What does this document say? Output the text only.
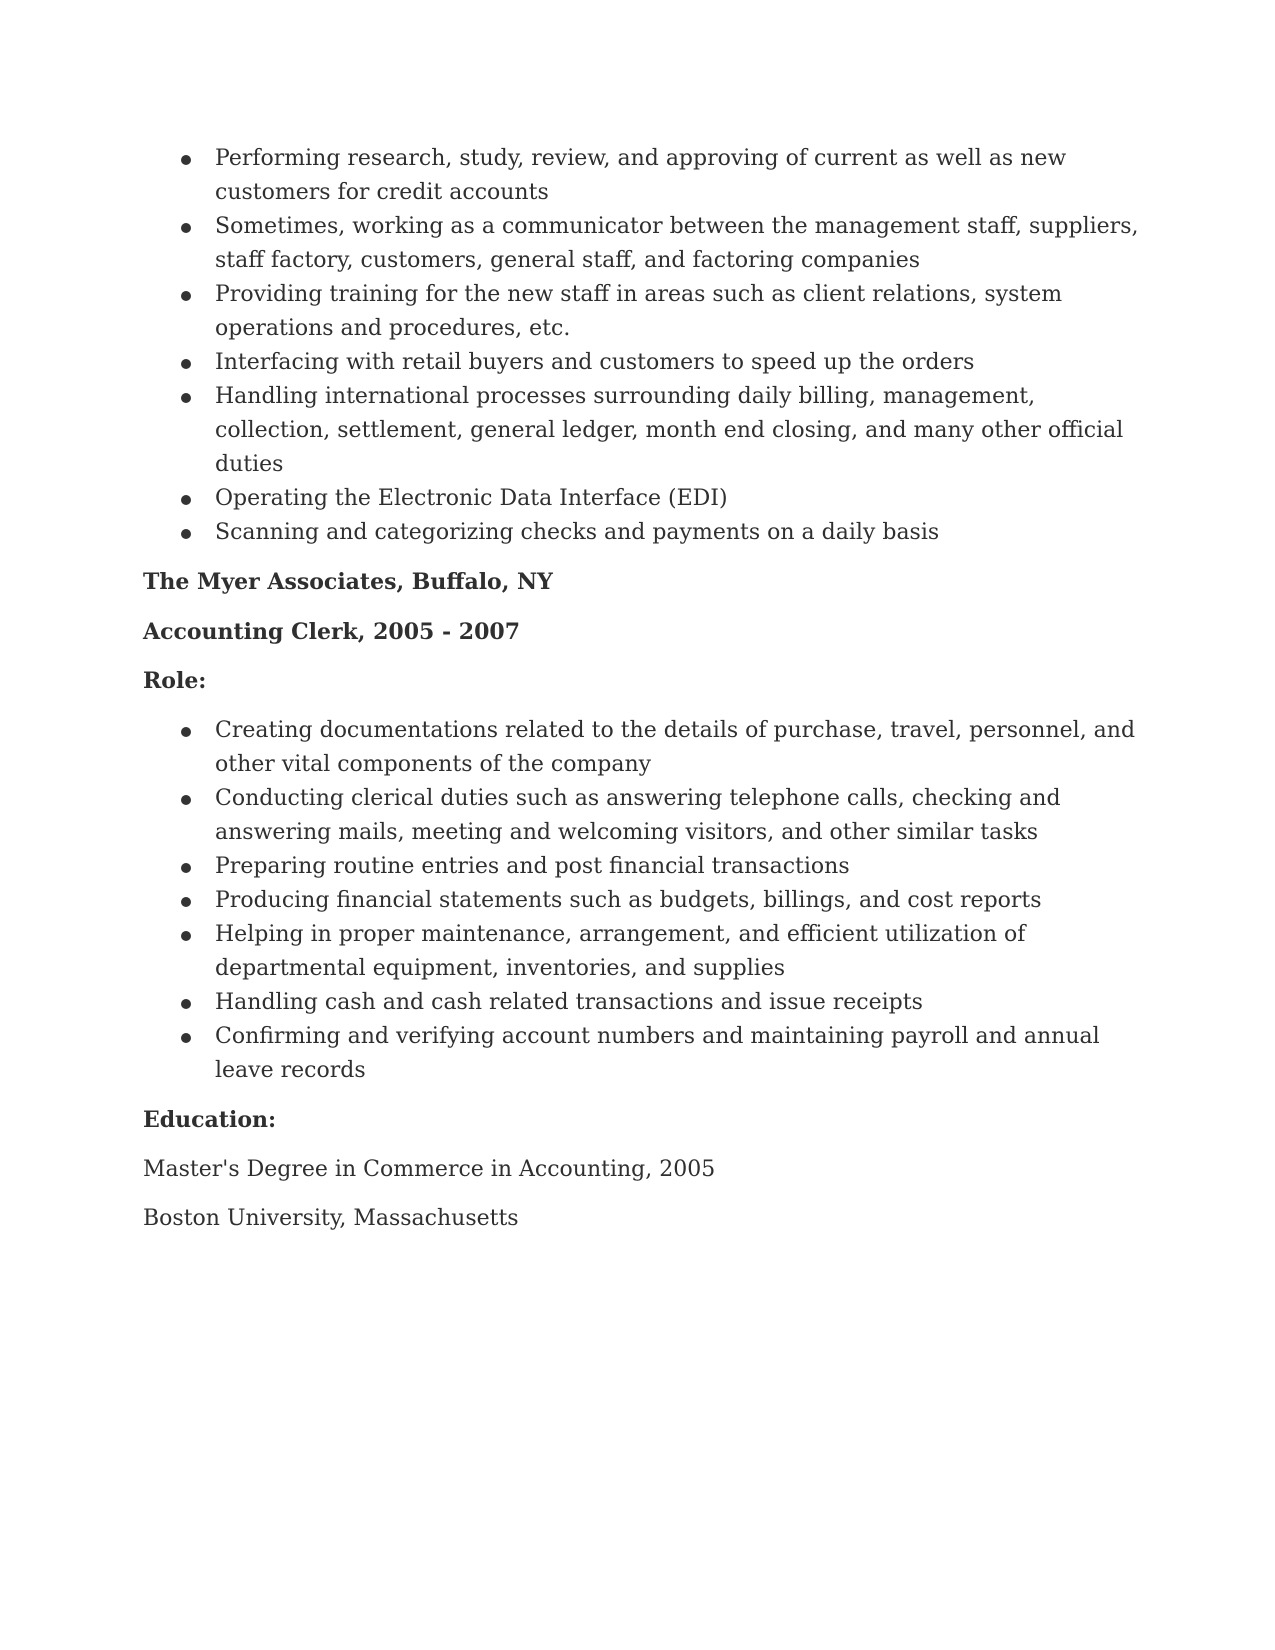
Performing research, study, review, and approving of current as well as new customers for credit accounts
Sometimes, working as a communicator between the management staff, suppliers, staff factory, customers, general staff, and factoring companies
Providing training for the new staff in areas such as client relations, system operations and procedures, etc.
Interfacing with retail buyers and customers to speed up the orders
Handling international processes surrounding daily billing, management, collection, settlement, general ledger, month end closing, and many other official duties
Operating the Electronic Data Interface (EDI)
Scanning and categorizing checks and payments on a daily basis

The Myer Associates, Buffalo, NY

Accounting Clerk, 2005 - 2007

Role:

Creating documentations related to the details of purchase, travel, personnel, and other vital components of the company
Conducting clerical duties such as answering telephone calls, checking and answering mails, meeting and welcoming visitors, and other similar tasks
Preparing routine entries and post financial transactions
Producing financial statements such as budgets, billings, and cost reports
Helping in proper maintenance, arrangement, and efficient utilization of departmental equipment, inventories, and supplies
Handling cash and cash related transactions and issue receipts
Confirming and verifying account numbers and maintaining payroll and annual leave records

Education:

Master's Degree in Commerce in Accounting, 2005

Boston University, Massachusetts
